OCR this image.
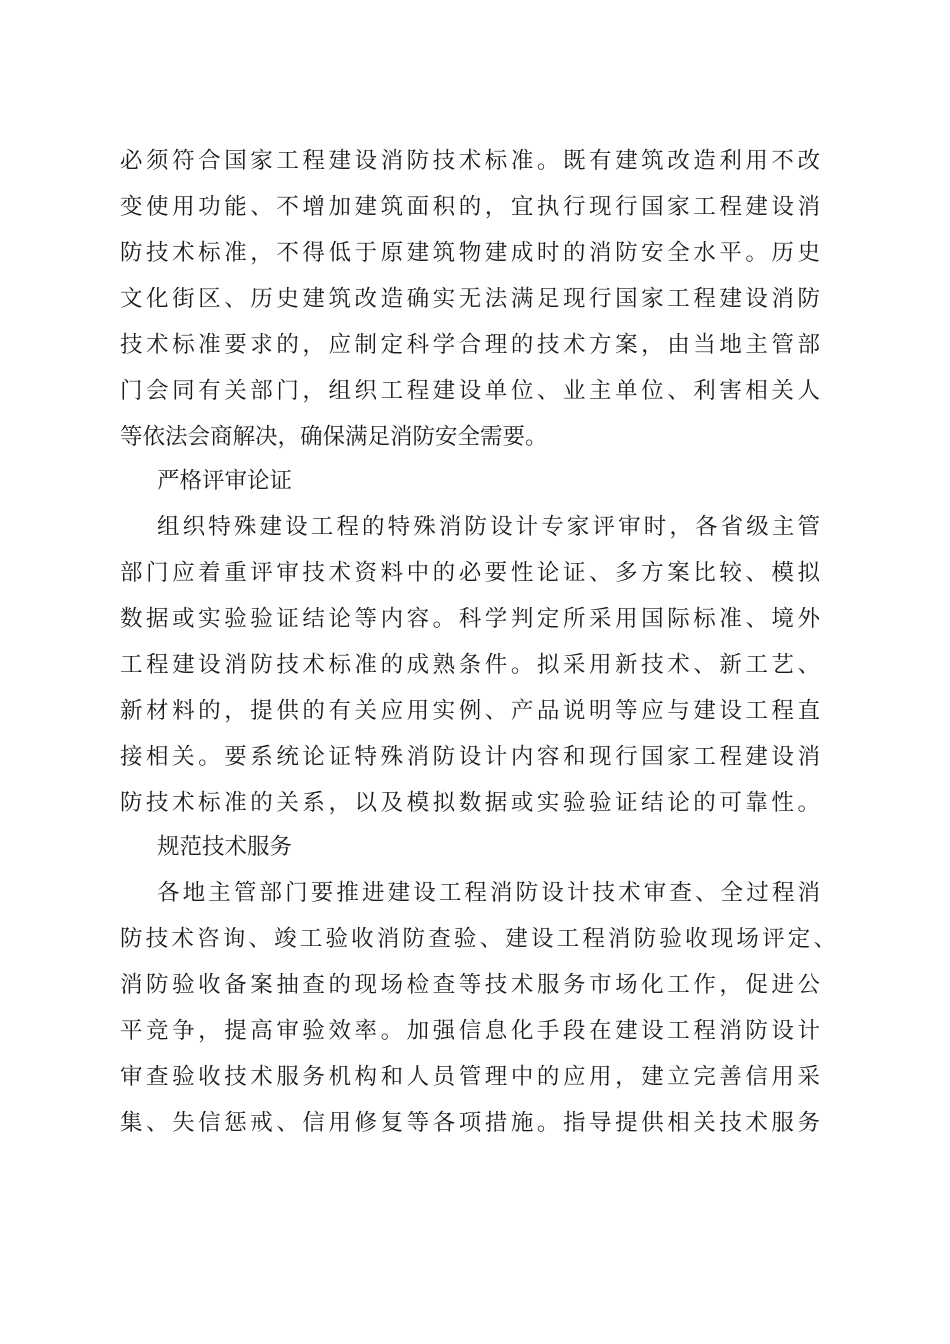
必须符合国家工程建设消防技术标准。既有建筑改造利用不改
变使用功能、不增加建筑面积的，宜执行现行国家工程建设消
防技术标准，不得低于原建筑物建成时的消防安全水平。历史
文化街区、历史建筑改造确实无法满足现行国家工程建设消防
技术标准要求的，应制定科学合理的技术方案，由当地主管部
门会同有关部门，组织工程建设单位、业主单位、利害相关人
等依法会商解决，确保满足消防安全需要。
严格评审论证
组织特殊建设工程的特殊消防设计专家评审时，各省级主管
部门应着重评审技术资料中的必要性论证、多方案比较、模拟
数据或实验验证结论等内容。科学判定所采用国际标准、境外
工程建设消防技术标准的成熟条件。拟采用新技术、新工艺、
新材料的，提供的有关应用实例、产品说明等应与建设工程直
接相关。要系统论证特殊消防设计内容和现行国家工程建设消
防技术标准的关系，以及模拟数据或实验验证结论的可靠性。
规范技术服务
各地主管部门要推进建设工程消防设计技术审查、全过程消
防技术咨询、竣工验收消防查验、建设工程消防验收现场评定、
消防验收备案抽查的现场检查等技术服务市场化工作，促进公
平竞争，提高审验效率。加强信息化手段在建设工程消防设计
审查验收技术服务机构和人员管理中的应用，建立完善信用采
集、失信惩戒、信用修复等各项措施。指导提供相关技术服务
